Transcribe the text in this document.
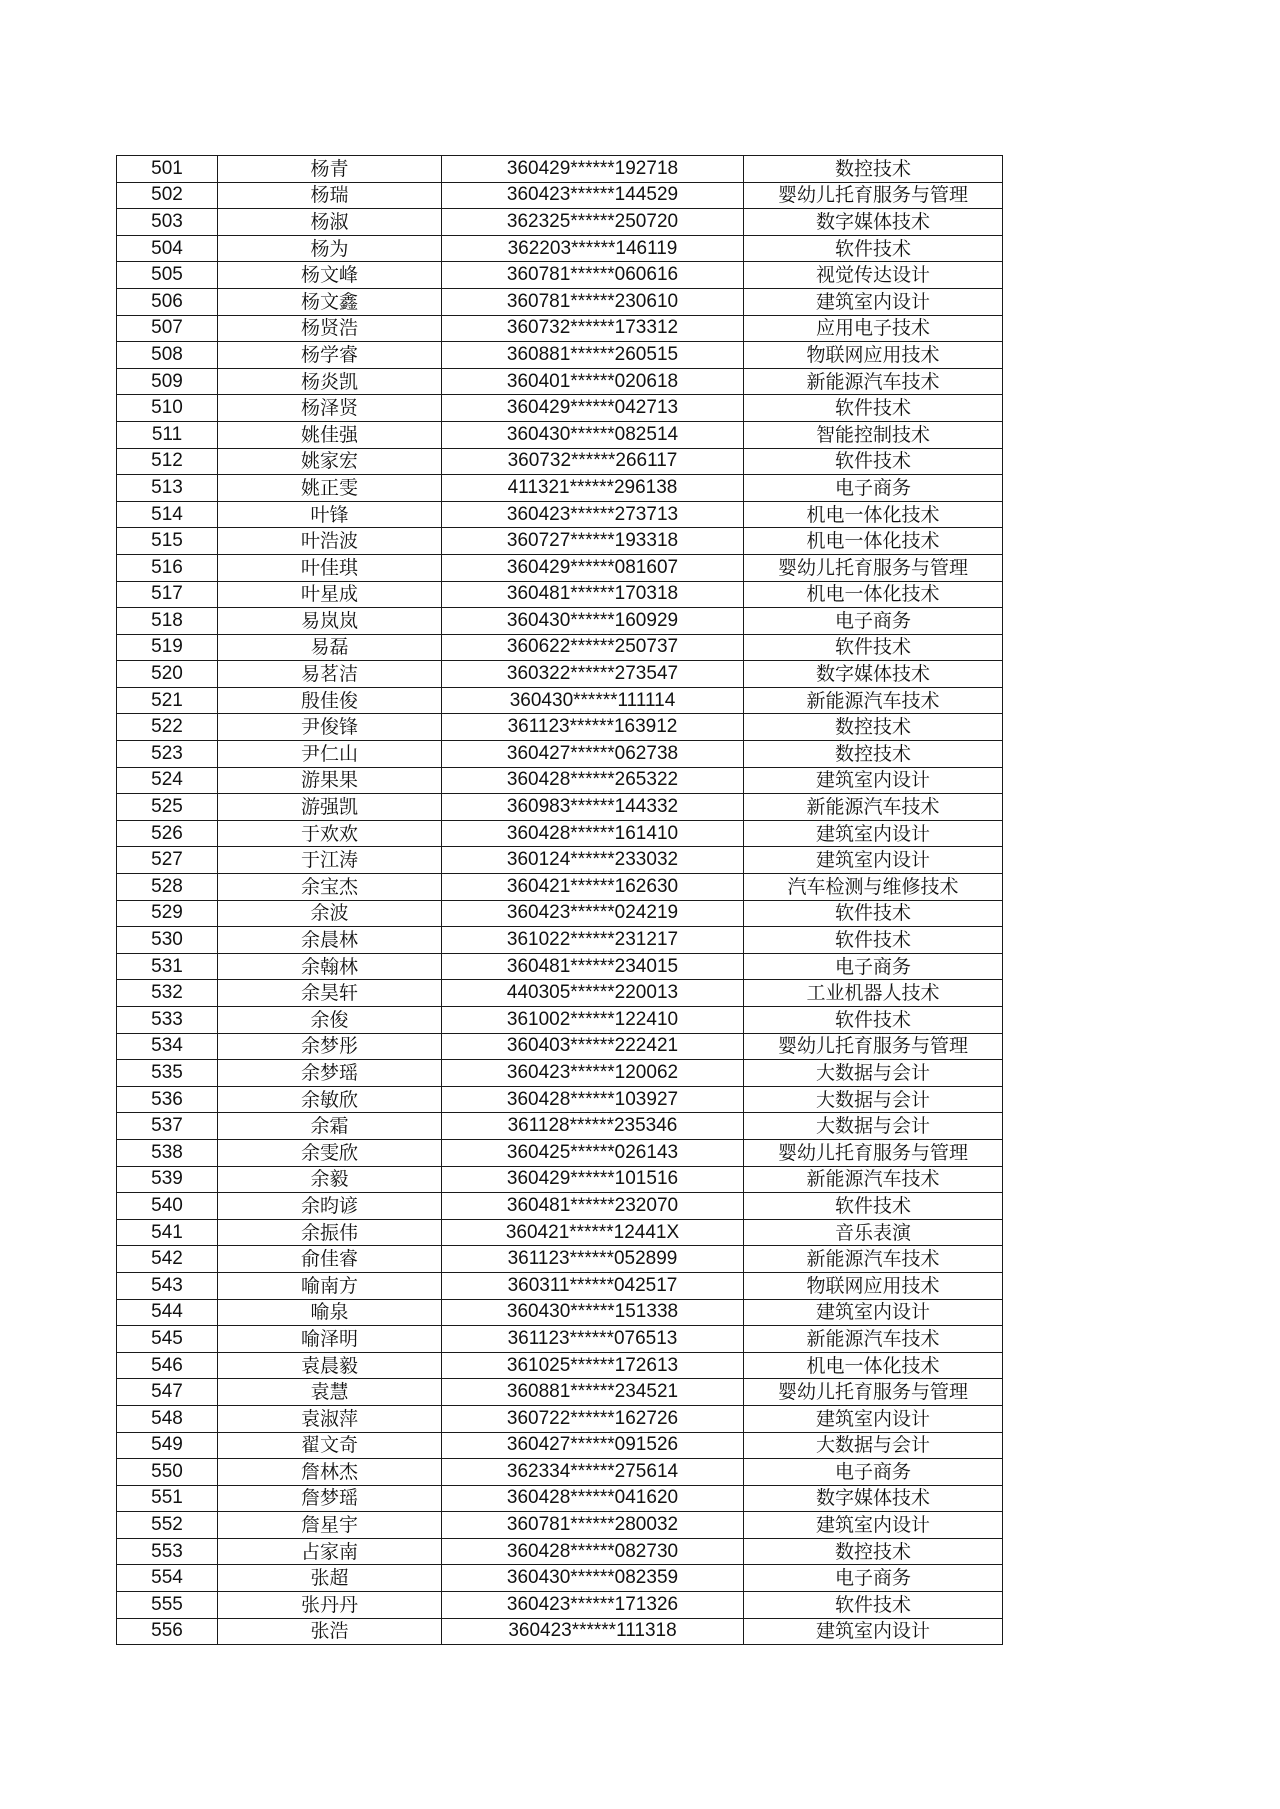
501	杨青	360429******192718	数控技术
502	杨瑞	360423******144529	婴幼儿托育服务与管理
503	杨淑	362325******250720	数字媒体技术
504	杨为	362203******146119	软件技术
505	杨文峰	360781******060616	视觉传达设计
506	杨文鑫	360781******230610	建筑室内设计
507	杨贤浩	360732******173312	应用电子技术
508	杨学睿	360881******260515	物联网应用技术
509	杨炎凯	360401******020618	新能源汽车技术
510	杨泽贤	360429******042713	软件技术
511	姚佳强	360430******082514	智能控制技术
512	姚家宏	360732******266117	软件技术
513	姚正雯	411321******296138	电子商务
514	叶锋	360423******273713	机电一体化技术
515	叶浩波	360727******193318	机电一体化技术
516	叶佳琪	360429******081607	婴幼儿托育服务与管理
517	叶星成	360481******170318	机电一体化技术
518	易岚岚	360430******160929	电子商务
519	易磊	360622******250737	软件技术
520	易茗洁	360322******273547	数字媒体技术
521	殷佳俊	360430******111114	新能源汽车技术
522	尹俊锋	361123******163912	数控技术
523	尹仁山	360427******062738	数控技术
524	游果果	360428******265322	建筑室内设计
525	游强凯	360983******144332	新能源汽车技术
526	于欢欢	360428******161410	建筑室内设计
527	于江涛	360124******233032	建筑室内设计
528	余宝杰	360421******162630	汽车检测与维修技术
529	余波	360423******024219	软件技术
530	余晨林	361022******231217	软件技术
531	余翰林	360481******234015	电子商务
532	余昊轩	440305******220013	工业机器人技术
533	余俊	361002******122410	软件技术
534	余梦彤	360403******222421	婴幼儿托育服务与管理
535	余梦瑶	360423******120062	大数据与会计
536	余敏欣	360428******103927	大数据与会计
537	余霜	361128******235346	大数据与会计
538	余雯欣	360425******026143	婴幼儿托育服务与管理
539	余毅	360429******101516	新能源汽车技术
540	余昀谚	360481******232070	软件技术
541	余振伟	360421******12441X	音乐表演
542	俞佳睿	361123******052899	新能源汽车技术
543	喻南方	360311******042517	物联网应用技术
544	喻泉	360430******151338	建筑室内设计
545	喻泽明	361123******076513	新能源汽车技术
546	袁晨毅	361025******172613	机电一体化技术
547	袁慧	360881******234521	婴幼儿托育服务与管理
548	袁淑萍	360722******162726	建筑室内设计
549	翟文奇	360427******091526	大数据与会计
550	詹林杰	362334******275614	电子商务
551	詹梦瑶	360428******041620	数字媒体技术
552	詹星宇	360781******280032	建筑室内设计
553	占家南	360428******082730	数控技术
554	张超	360430******082359	电子商务
555	张丹丹	360423******171326	软件技术
556	张浩	360423******111318	建筑室内设计
